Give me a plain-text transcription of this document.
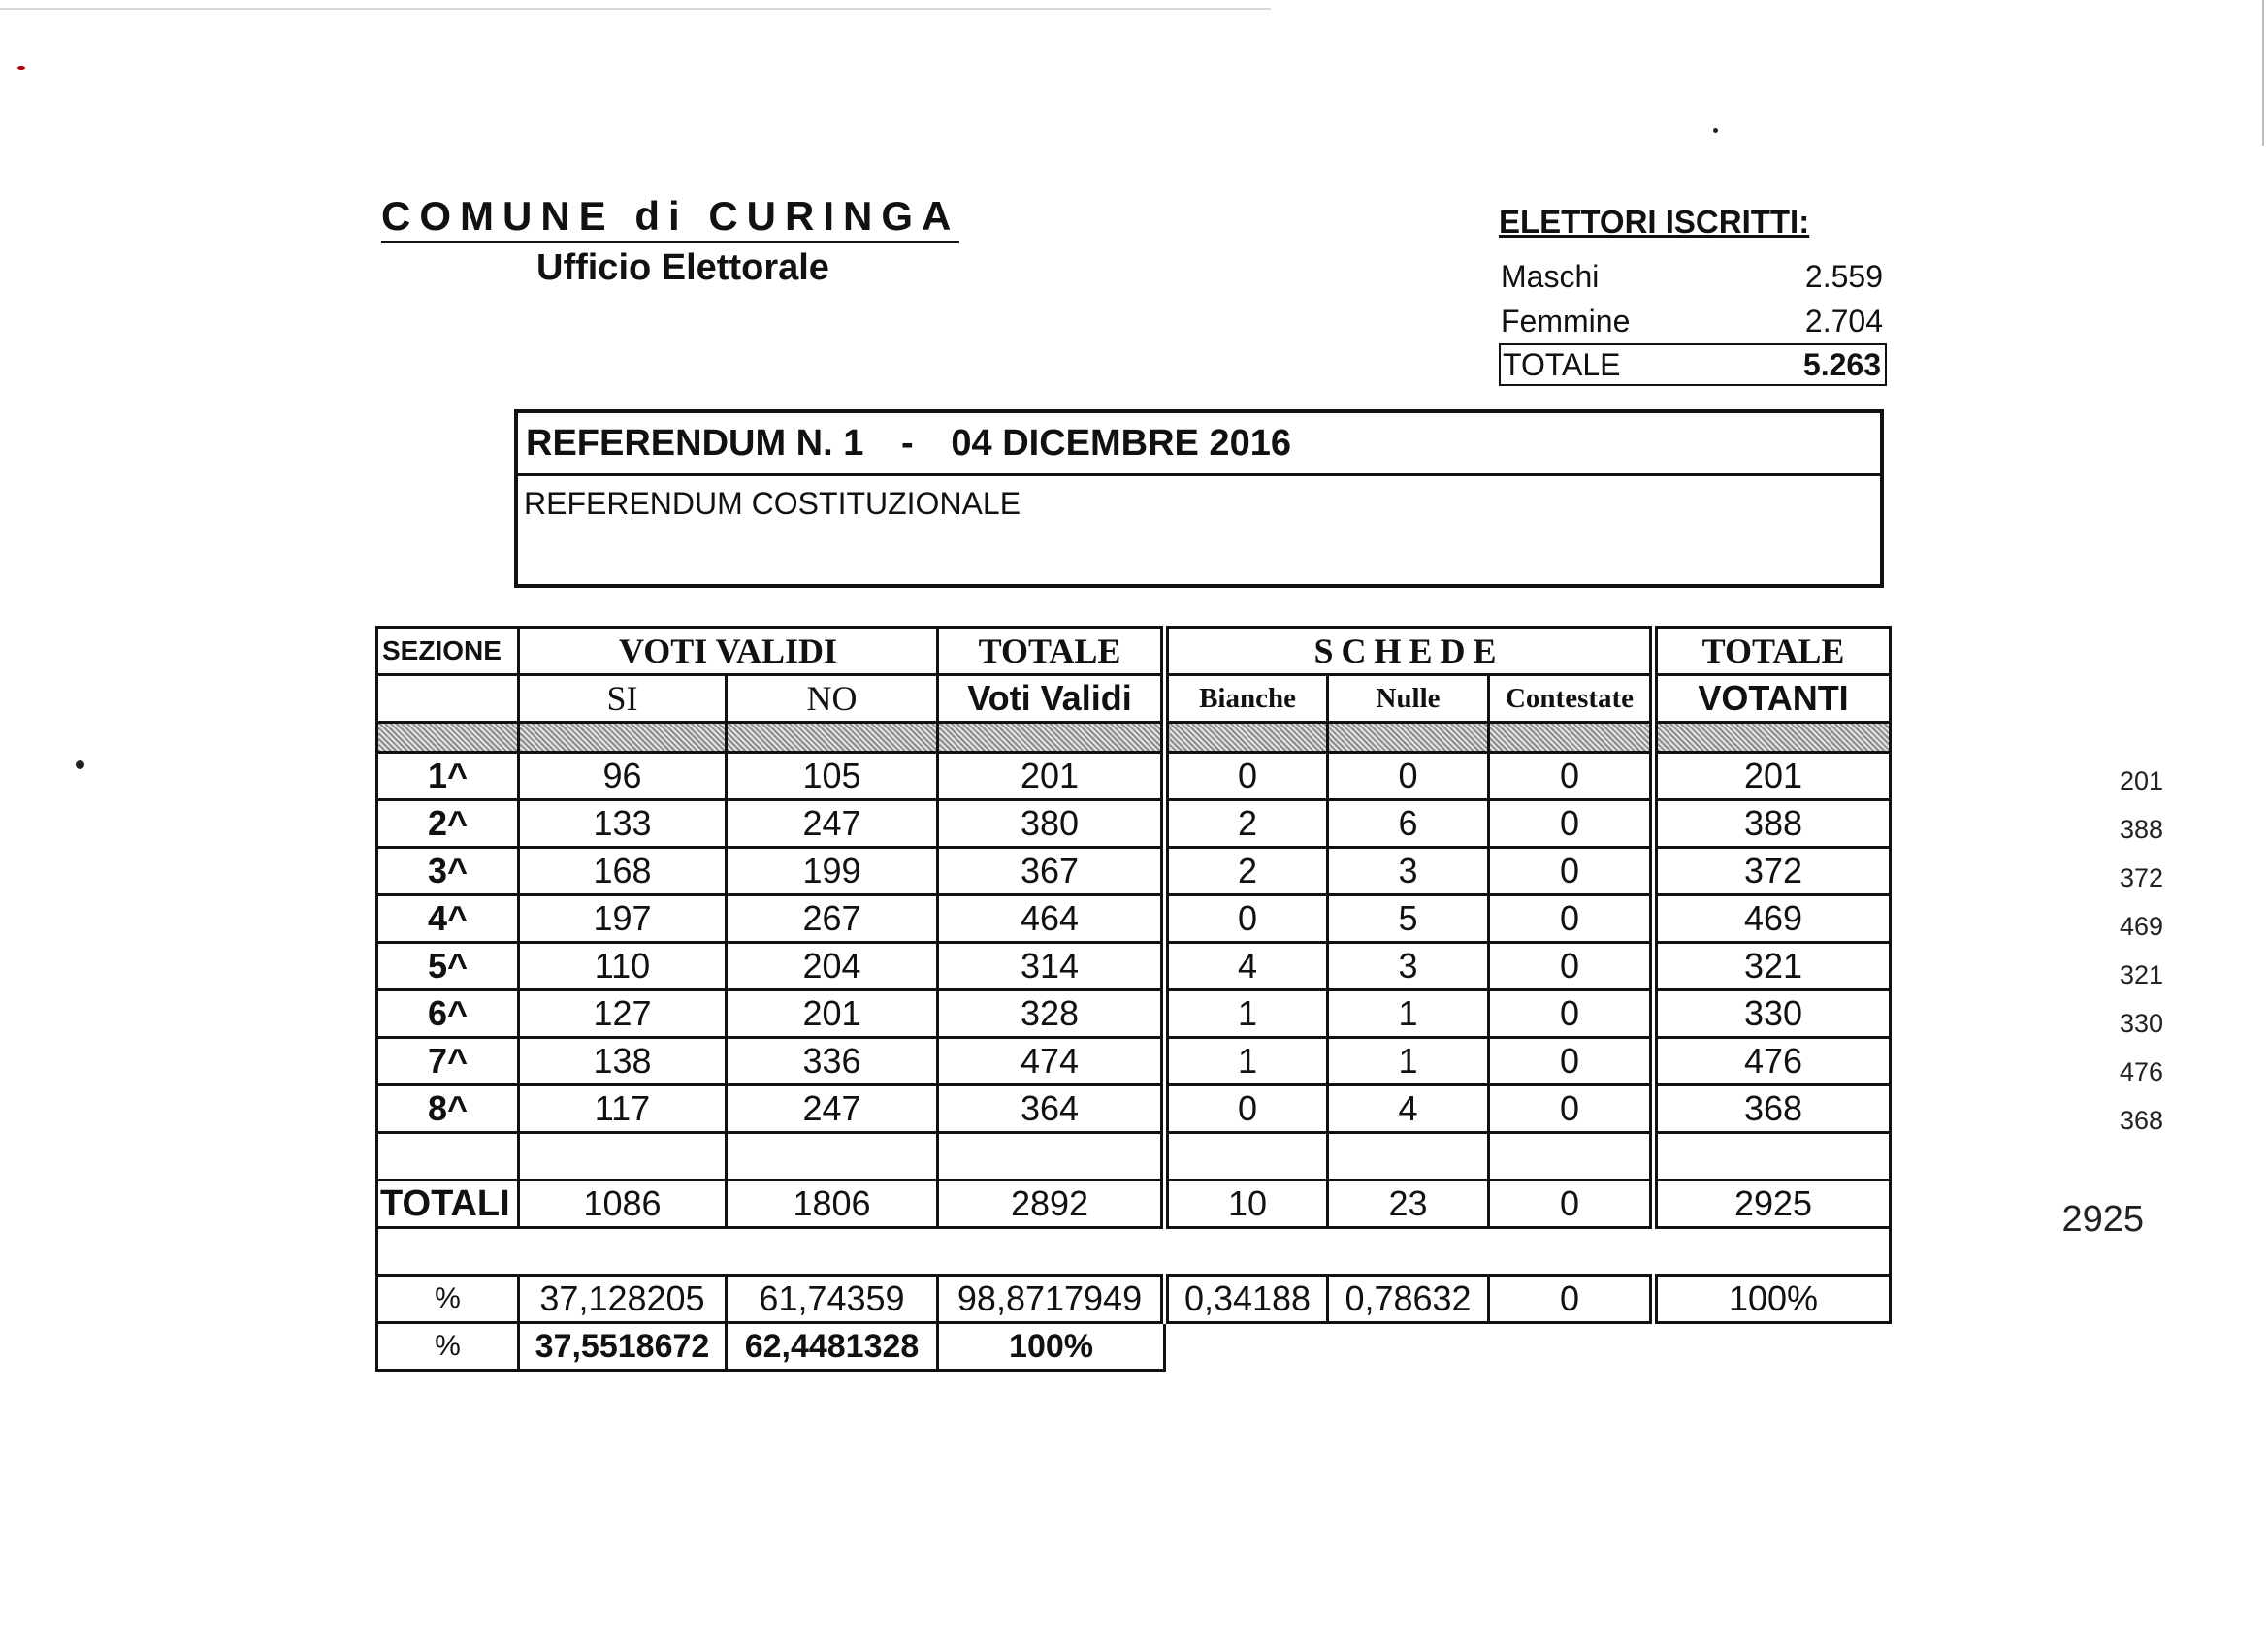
COMUNE di CURINGA
Ufficio Elettorale
ELETTORI ISCRITTI:
Maschi	2.559
Femmine	2.704
TOTALE	5.263
REFERENDUM N. 1 - 04 DICEMBRE 2016
REFERENDUM COSTITUZIONALE
SEZIONE	VOTI VALIDI		TOTALE	SCHEDE			TOTALE
	SI	NO	Voti Validi	Bianche	Nulle	Contestate	VOTANTI

1^	96	105	201	0	0	0	201
2^	133	247	380	2	6	0	388
3^	168	199	367	2	3	0	372
4^	197	267	464	0	5	0	469
5^	110	204	314	4	3	0	321
6^	127	201	328	1	1	0	330
7^	138	336	474	1	1	0	476
8^	117	247	364	0	4	0	368

TOTALI	1086	1806	2892	10	23	0	2925

%	37,128205	61,74359	98,8717949	0,34188	0,78632	0	100%
%	37,5518672	62,4481328	100%				
201
388
372
469
321
330
476
368
2925
